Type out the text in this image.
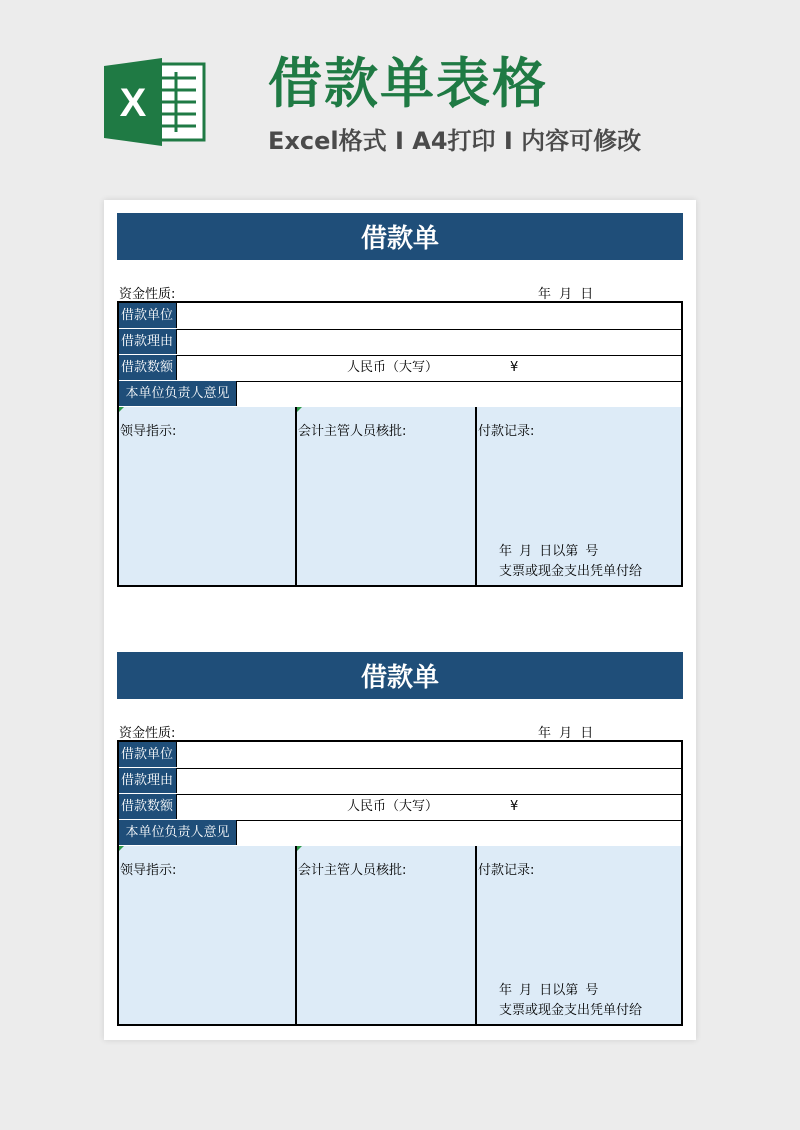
X 借款单表格
Excel格式 I A4打印 I 内容可修改
借款单
资金性质:	年 月 日
借款单位
借款理由
借款数额	人民币（大写）	¥
本单位负责人意见
领导指示:	会计主管人员核批:	付款记录:
年 月 日以第 号
支票或现金支出凭单付给
借款单
资金性质:	年 月 日
借款单位
借款理由
借款数额	人民币（大写）	¥
本单位负责人意见
领导指示:	会计主管人员核批:	付款记录:
年 月 日以第 号
支票或现金支出凭单付给
